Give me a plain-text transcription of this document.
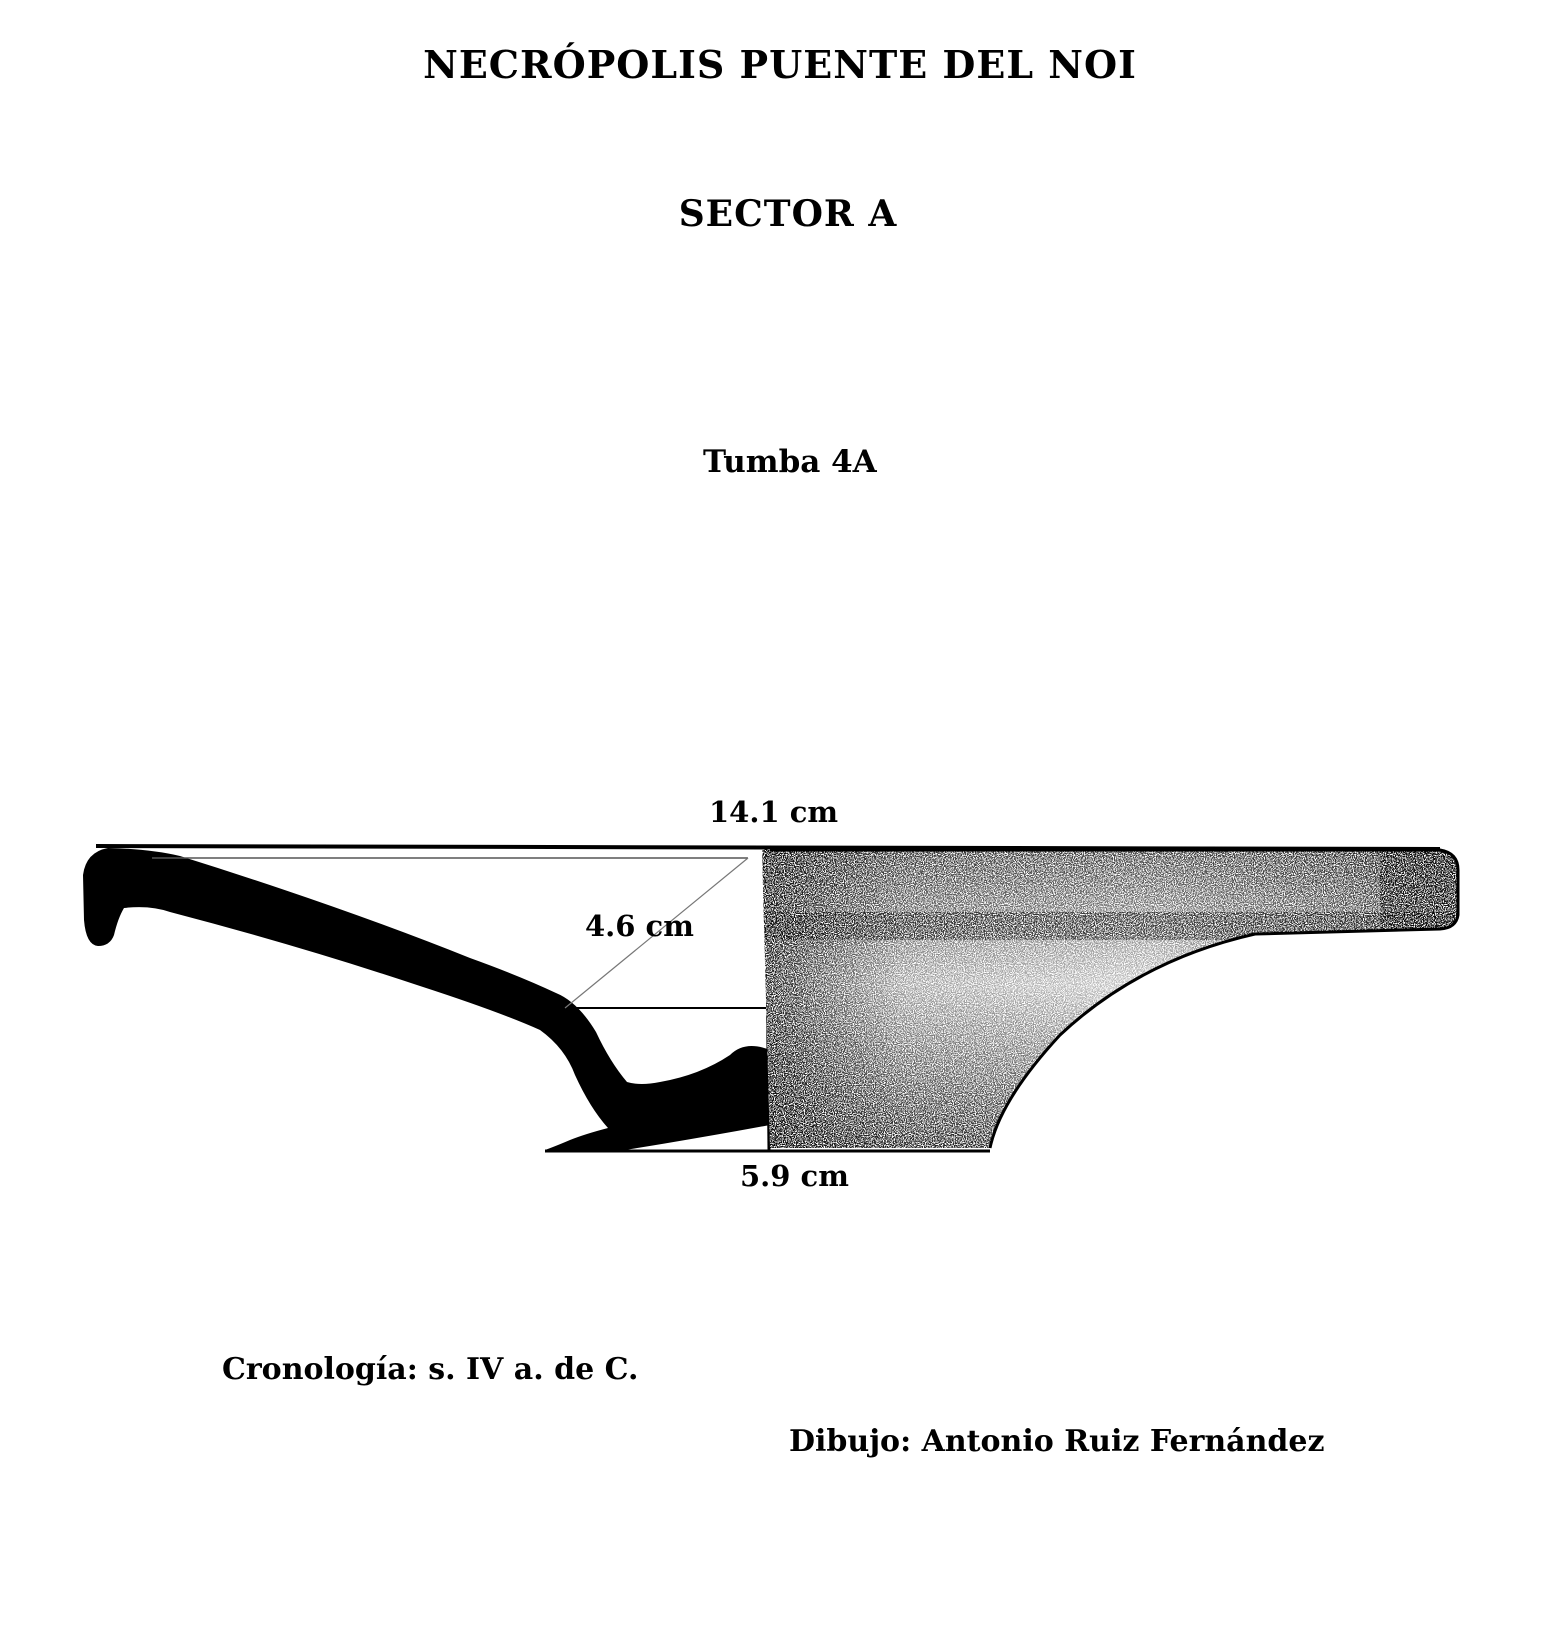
NECRÓPOLIS PUENTE DEL NOI
SECTOR A
Tumba 4A
14.1 cm
4.6 cm
5.9 cm
Cronología: s. IV a. de C.
Dibujo: Antonio Ruiz Fernández
